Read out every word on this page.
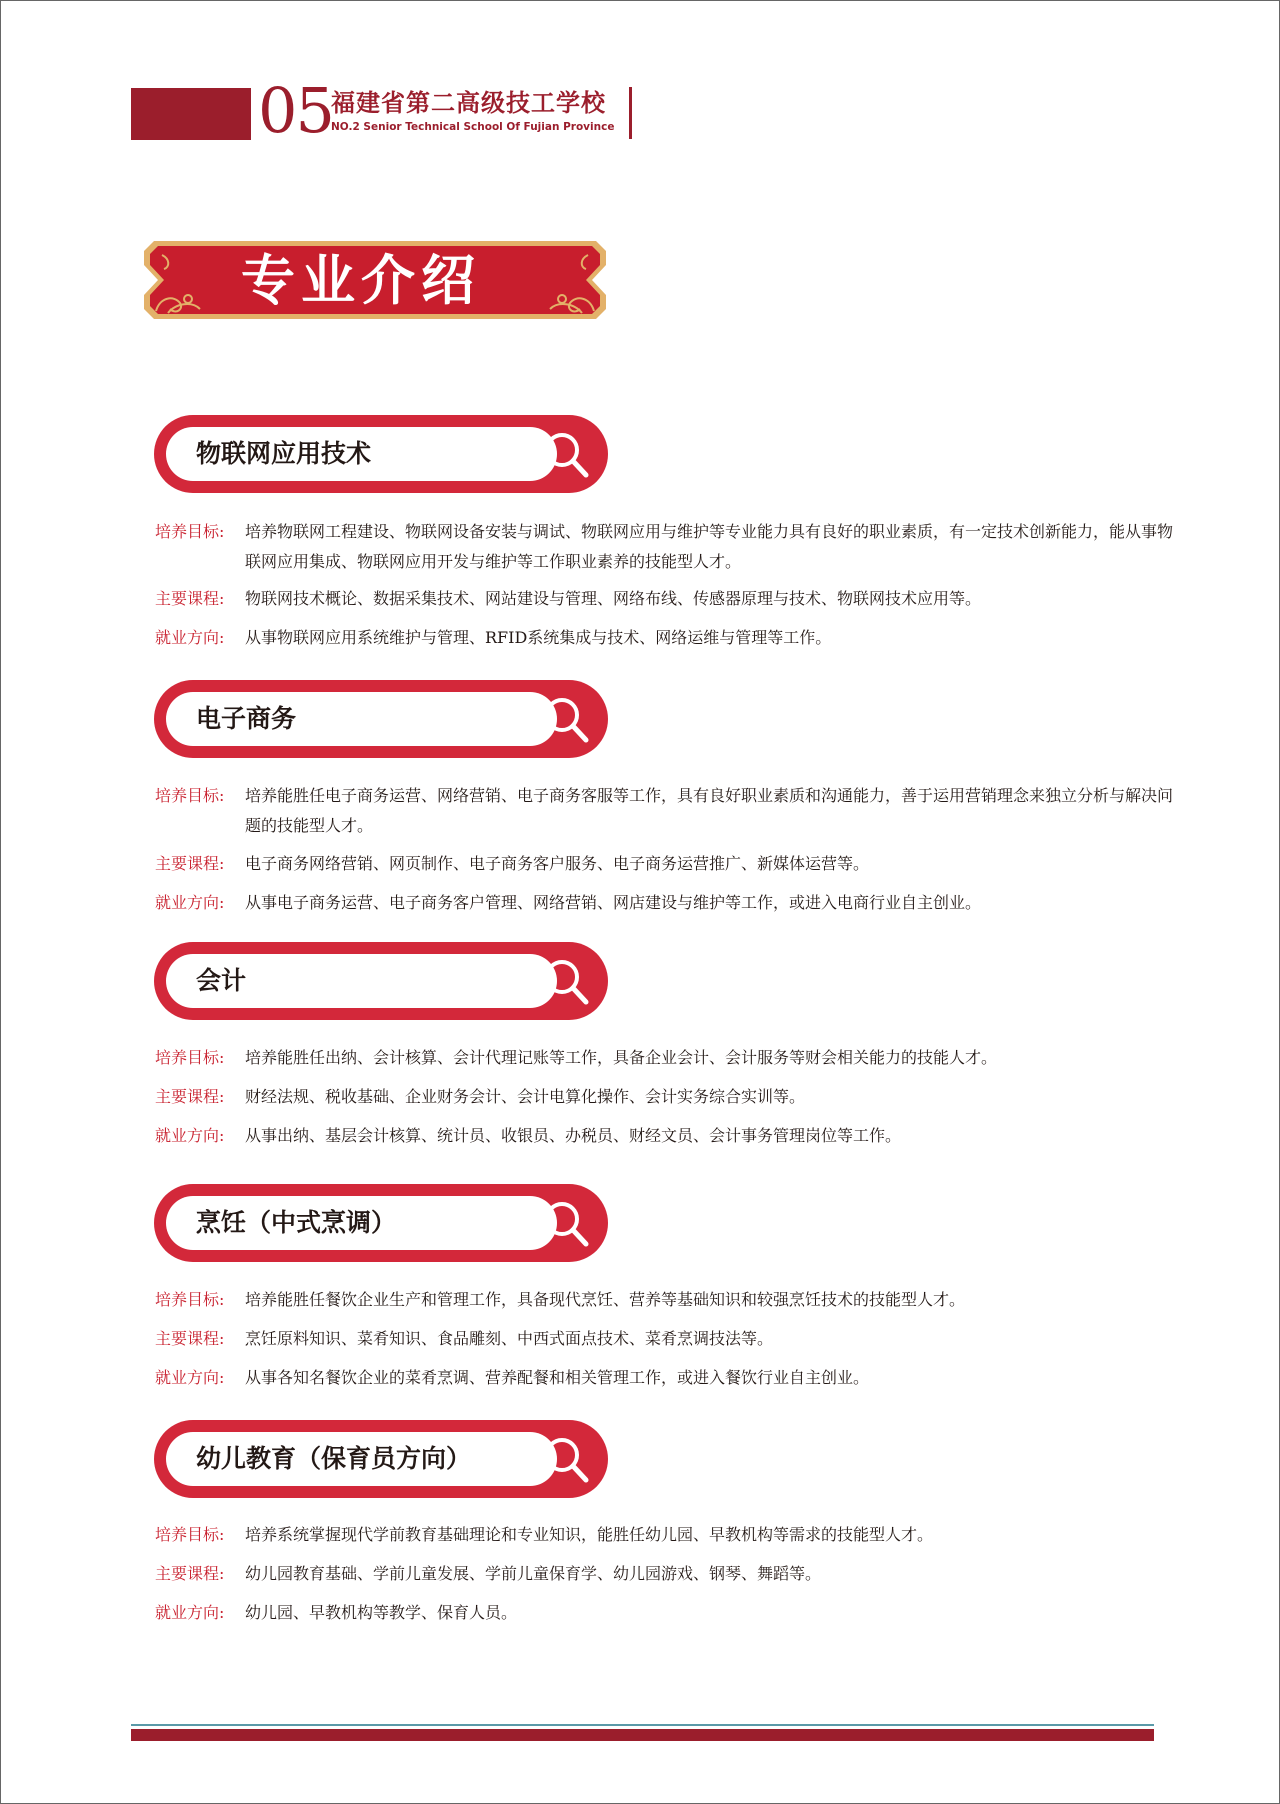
05
福建省第二高级技工学校
NO.2 Senior Technical School Of Fujian Province
专业介绍
物联网应用技术
培养目标: 培养物联网工程建设、物联网设备安装与调试、物联网应用与维护等专业能力具有良好的职业素质，有一定技术创新能力，能从事物联网应用集成、物联网应用开发与维护等工作职业素养的技能型人才。
主要课程: 物联网技术概论、数据采集技术、网站建设与管理、网络布线、传感器原理与技术、物联网技术应用等。
就业方向: 从事物联网应用系统维护与管理、RFID系统集成与技术、网络运维与管理等工作。
电子商务
培养目标: 培养能胜任电子商务运营、网络营销、电子商务客服等工作，具有良好职业素质和沟通能力，善于运用营销理念来独立分析与解决问题的技能型人才。
主要课程: 电子商务网络营销、网页制作、电子商务客户服务、电子商务运营推广、新媒体运营等。
就业方向: 从事电子商务运营、电子商务客户管理、网络营销、网店建设与维护等工作，或进入电商行业自主创业。
会计
培养目标: 培养能胜任出纳、会计核算、会计代理记账等工作，具备企业会计、会计服务等财会相关能力的技能人才。
主要课程: 财经法规、税收基础、企业财务会计、会计电算化操作、会计实务综合实训等。
就业方向: 从事出纳、基层会计核算、统计员、收银员、办税员、财经文员、会计事务管理岗位等工作。
烹饪（中式烹调）
培养目标: 培养能胜任餐饮企业生产和管理工作，具备现代烹饪、营养等基础知识和较强烹饪技术的技能型人才。
主要课程: 烹饪原料知识、菜肴知识、食品雕刻、中西式面点技术、菜肴烹调技法等。
就业方向: 从事各知名餐饮企业的菜肴烹调、营养配餐和相关管理工作，或进入餐饮行业自主创业。
幼儿教育（保育员方向）
培养目标: 培养系统掌握现代学前教育基础理论和专业知识，能胜任幼儿园、早教机构等需求的技能型人才。
主要课程: 幼儿园教育基础、学前儿童发展、学前儿童保育学、幼儿园游戏、钢琴、舞蹈等。
就业方向: 幼儿园、早教机构等教学、保育人员。
